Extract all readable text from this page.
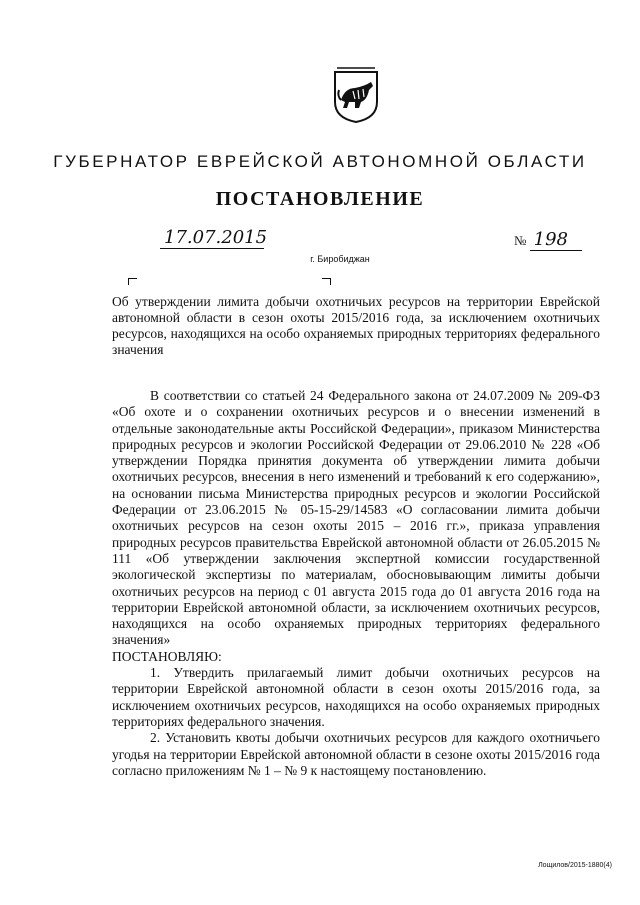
ГУБЕРНАТОР ЕВРЕЙСКОЙ АВТОНОМНОЙ ОБЛАСТИ
ПОСТАНОВЛЕНИЕ
17.07.2015	№ 198
г. Биробиджан
Об утверждении лимита добычи охотничьих ресурсов на территории Еврейской автономной области в сезон охоты 2015/2016 года, за исключением охотничьих ресурсов, находящихся на особо охраняемых природных территориях федерального значения

В соответствии со статьей 24 Федерального закона от 24.07.2009 № 209-ФЗ «Об охоте и о сохранении охотничьих ресурсов и о внесении изменений в отдельные законодательные акты Российской Федерации», приказом Министерства природных ресурсов и экологии Российской Федерации от 29.06.2010 № 228 «Об утверждении Порядка принятия документа об утверждении лимита добычи охотничьих ресурсов, внесения в него изменений и требований к его содержанию», на основании письма Министерства природных ресурсов и экологии Российской Федерации от 23.06.2015 № 05-15-29/14583 «О согласовании лимита добычи охотничьих ресурсов на сезон охоты 2015 – 2016 гг.», приказа управления природных ресурсов правительства Еврейской автономной области от 26.05.2015 № 111 «Об утверждении заключения экспертной комиссии государственной экологической экспертизы по материалам, обосновывающим лимиты добычи охотничьих ресурсов на период с 01 августа 2015 года до 01 августа 2016 года на территории Еврейской автономной области, за исключением охотничьих ресурсов, находящихся на особо охраняемых природных территориях федерального значения»

ПОСТАНОВЛЯЮ:

1. Утвердить прилагаемый лимит добычи охотничьих ресурсов на территории Еврейской автономной области в сезон охоты 2015/2016 года, за исключением охотничьих ресурсов, находящихся на особо охраняемых природных территориях федерального значения.

2. Установить квоты добычи охотничьих ресурсов для каждого охотничьего угодья на территории Еврейской автономной области в сезоне охоты 2015/2016 года согласно приложениям № 1 – № 9 к настоящему постановлению.

Лощилов/2015-1880(4)
